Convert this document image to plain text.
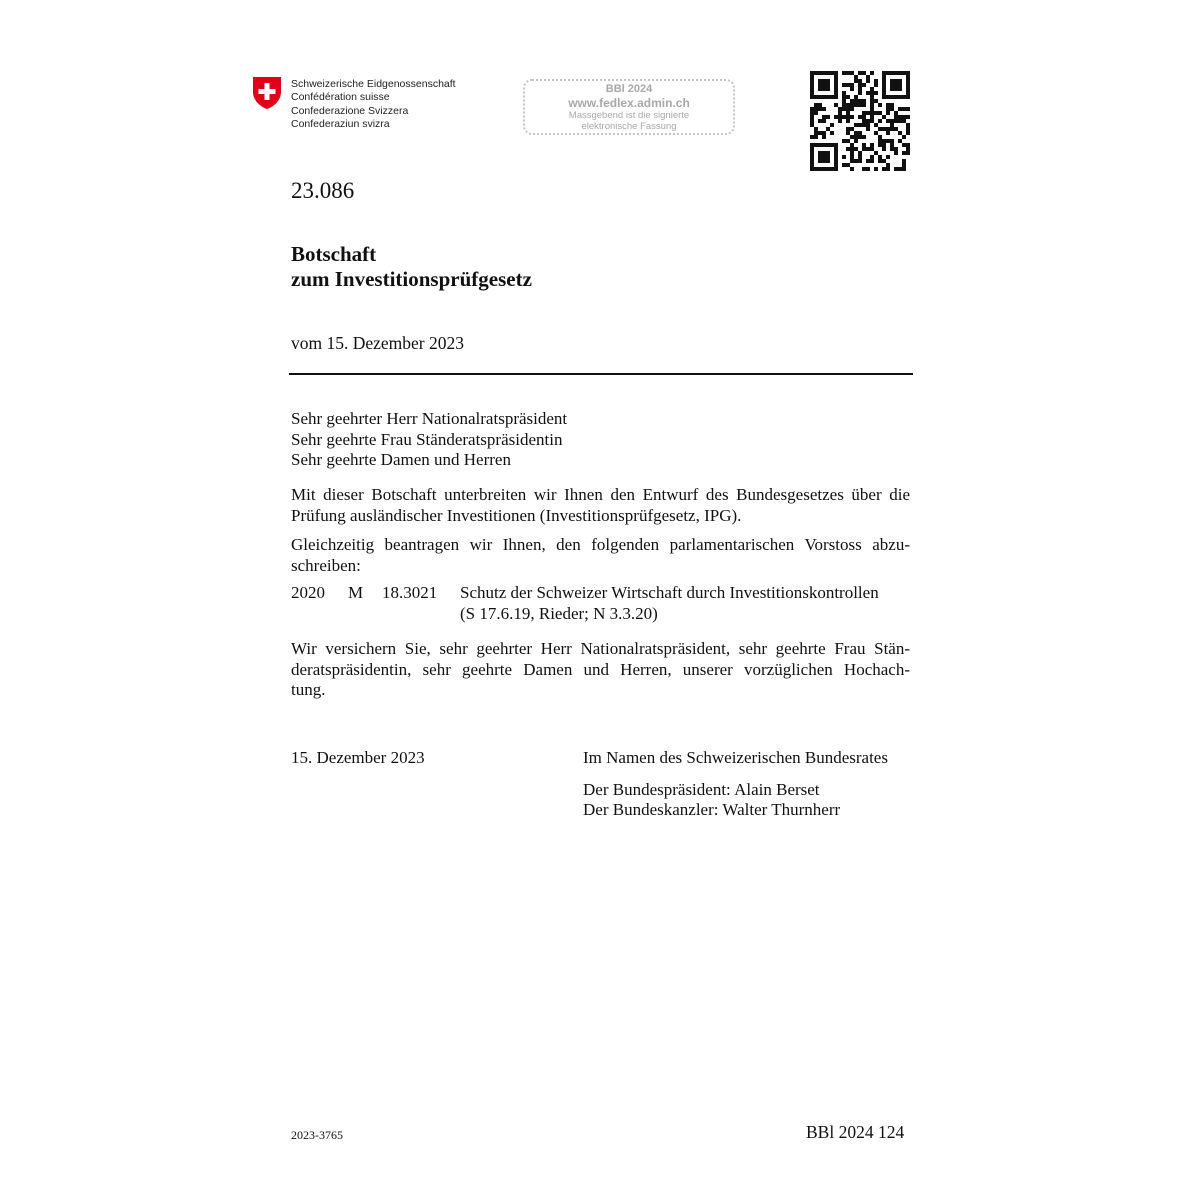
Schweizerische Eidgenossenschaft
Confédération suisse
Confederazione Svizzera
Confederaziun svizra
BBl 2024
www.fedlex.admin.ch
Massgebend ist die signierte
elektronische Fassung
23.086
Botschaft
zum Investitionsprüfgesetz
vom 15. Dezember 2023
Sehr geehrter Herr Nationalratspräsident
Sehr geehrte Frau Ständeratspräsidentin
Sehr geehrte Damen und Herren
Mit dieser Botschaft unterbreiten wir Ihnen den Entwurf des Bundesgesetzes über die Prüfung ausländischer Investitionen (Investitionsprüfgesetz, IPG).
Gleichzeitig beantragen wir Ihnen, den folgenden parlamentarischen Vorstoss abzu-
schreiben:
2020 M 18.3021 Schutz der Schweizer Wirtschaft durch Investitionskontrollen
(S 17.6.19, Rieder; N 3.3.20)
Wir versichern Sie, sehr geehrter Herr Nationalratspräsident, sehr geehrte Frau Stän-
deratspräsidentin, sehr geehrte Damen und Herren, unserer vorzüglichen Hochach-
tung.
15. Dezember 2023	Im Namen des Schweizerischen Bundesrates
Der Bundespräsident: Alain Berset
Der Bundeskanzler: Walter Thurnherr
2023-3765	BBl 2024 124
